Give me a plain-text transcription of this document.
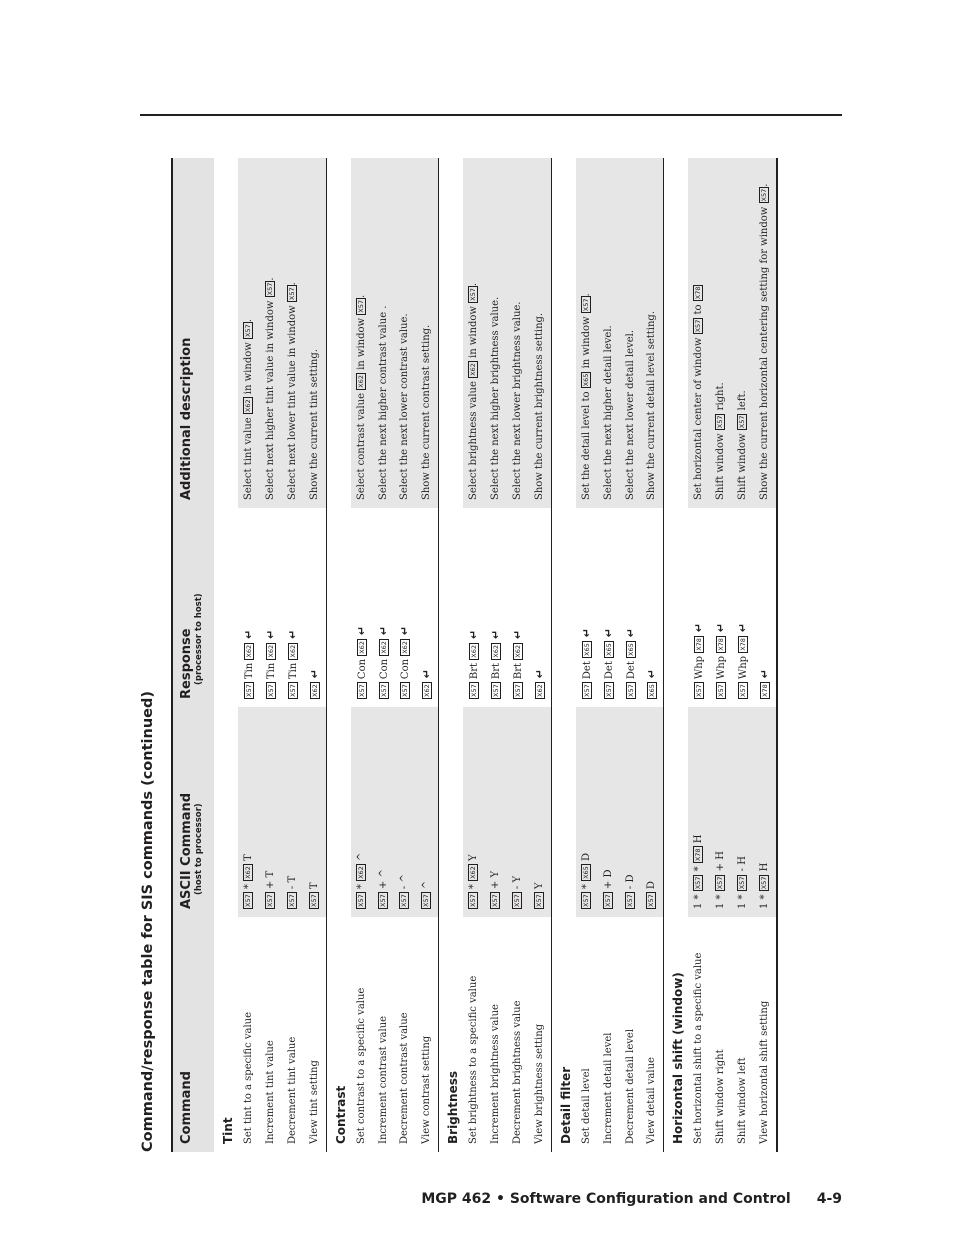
Command/response table for SIS commands (continued) Command	ASCII Command (host to processor)	Response (processor to host)	Additional description
Tint			
Set tint to a specific value	X57 * X62 T	X57 Tin X62 ↵	Select tint value X62 in window X57.
Increment tint value	X57 + T	X57 Tin X62 ↵	Select next higher tint value in window X57.
Decrement tint value	X57 - T	X57 Tin X62 ↵	Select next lower tint value in window X57.
View tint setting	X57 T	X62 ↵	Show the current tint setting.
Contrast			
Set contrast to a specific value	X57 * X62 ^	X57 Con X62 ↵	Select contrast value X62 in window X57.
Increment contrast value	X57 + ^	X57 Con X62 ↵	Select the next higher contrast value .
Decrement contrast value	X57 - ^	X57 Con X62 ↵	Select the next lower contrast value.
View contrast setting	X57 ^	X62 ↵	Show the current contrast setting.
Brightness			
Set brightness to a specific value	X57 * X62 Y	X57 Brt X62 ↵	Select brightness value X62 in window X57.
Increment brightness value	X57 + Y	X57 Brt X62 ↵	Select the next higher brightness value.
Decrement brightness value	X57 - Y	X57 Brt X62 ↵	Select the next lower brightness value.
View brightness setting	X57 Y	X62 ↵	Show the current brightness setting.
Detail filter			
Set detail level	X57 * X65 D	X57 Det X65 ↵	Set the detail level to X65 in window X57.
Increment detail level	X57 + D	X57 Det X65 ↵	Select the next higher detail level.
Decrement detail level	X57 - D	X57 Det X65 ↵	Select the next lower detail level.
View detail value	X57 D	X65 ↵	Show the current detail level setting.
Horizontal shift (window)			
Set horizontal shift to a specific value	1 * X57 * X78 H	X57 Whp X78 ↵	Set horizontal center of window X57 to X78
Shift window right	1 * X57 + H	X57 Whp X78 ↵	Shift window X57 right.
Shift window left	1 * X57 - H	X57 Whp X78 ↵	Shift window X57 left.
View horizontal shift setting	1 * X57 H	X78 ↵	Show the current horizontal centering setting for window X57.
MGP 462 • Software Configuration and Control 4-9
